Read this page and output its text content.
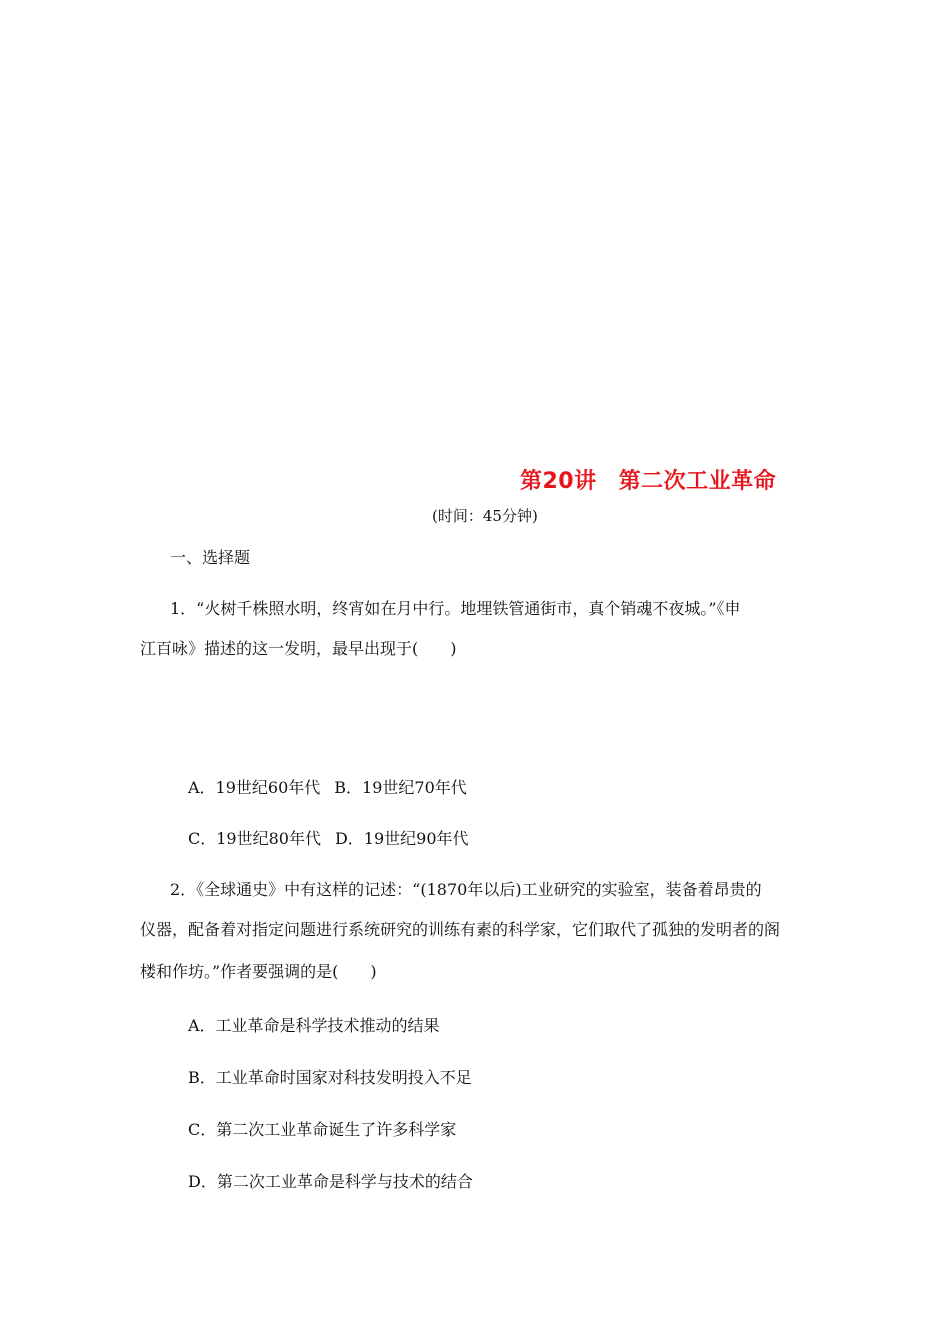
第20讲 第二次工业革命
(时间：45分钟)
一、选择题
1．“火树千株照水明，终宵如在月中行。地埋铁管通街市，真个销魂不夜城。”《申
江百咏》描述的这一发明，最早出现于(　　)
A．19世纪60年代 B．19世纪70年代
C．19世纪80年代 D．19世纪90年代
2．《全球通史》中有这样的记述：“(1870年以后)工业研究的实验室，装备着昂贵的
仪器，配备着对指定问题进行系统研究的训练有素的科学家，它们取代了孤独的发明者的阁
楼和作坊。”作者要强调的是(　　)
A．工业革命是科学技术推动的结果
B．工业革命时国家对科技发明投入不足
C．第二次工业革命诞生了许多科学家
D．第二次工业革命是科学与技术的结合
